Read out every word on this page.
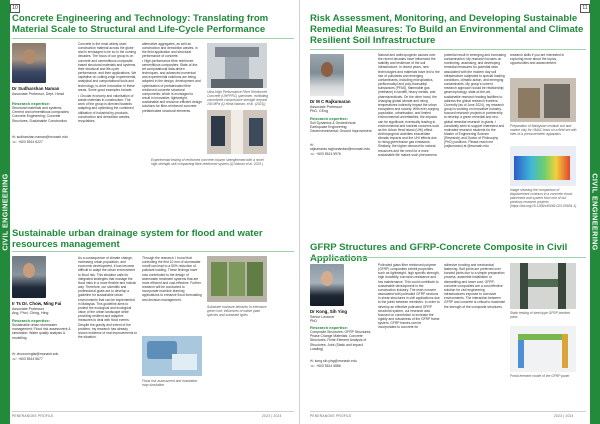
10
CIVIL ENGINEERING
Concrete Engineering and Technology: Translating from Material Scale to Structural and Life-Cycle Performance
Dr Sudharshan Naman
Associate Professor, Dept. Head
Research expertise:
Structural materials and systems; Cement and cementitious composites; Concrete Engineering; Concrete Structures; Sustainable Construction
✉: sudharshan.naman@monash.edu
☏: +603 5514 6227
Concrete is the most widely used construction material across the globe and is envisaged to be so in the coming decades. The focus of our group is on concrete and cementitious composite-based structural materials and systems, their structural and life-cycle performance, and their applications. We capitalise on cutting-edge experimental, analytical and computational tools and technology, to drive innovation in these areas. Some good examples include:
• Circular economy and valorisation of waste materials in construction: The work of the group is directed towards adapting and optimising the combined utilisation of industrial by-products, construction and demolition wastes, recyclables,
alternative aggregates, as well as construction and demolition wastes, in the field application and structural performance of concrete.
• High-performance fibre reinforced cementitious composites: State-of-the-art computational data-driven techniques, and advanced numerical and experimental solutions are being adopted in the design, development and optimisation of prefabricated fibre reinforced concrete structural components, which is envisaged to result in innovative, lightweight, sustainable and resource-efficient design solutions for fibre-reinforced concrete prefabricated structural elements.
Ultra-High Performance Fibre Reinforced Concrete (UHPFRC) specimen, exhibiting unconfined compressive strength beyond 150 MPa (Q.Hima Naman, et al. (2021))
Experimental testing of reinforced concrete column strengthened with a novel high-strength self-compacting fibre-reinforced system (Q.Naman et al. 2023 )
Sustainable urban drainage system for flood and water resources management
Ir Ts Dr. Chow, Ming Fai
Associate Professor
Ang, Phoi, Ching, Hing
Research expertise:
Sustainable urban stormwater management; Flood risk assessment & simulation; Water quality analysis & modelling
✉: chow.mingfai@monash.edu
☏: +603 5514 5677
As a consequence of climate change, increasing urban population, and economic development, it has become difficult to adapt the urban environment to flood risk. This situation calls for integrated strategies that manage the flood risks in a more flexible and holistic way. Therefore, our scientific and professional goals are to develop a guideline for sustainable urban environments that can be implemented in Malaysia. This guideline aims to protect the ecological and ecological value of the urban landscape while providing resilient and adaptive measures to deal with flood events. Despite the gravity and extent of the problem, my research has already shown evidence of real improvements to the situation.
Through the research, I found that controlling the first 10 mm of stormwater runoff can lead to a 50% reduction of pollutant loading. These findings have now contributed to the design of stormwater treatment systems that are more efficient and cost-effective. Further research will be conducted to incorporate machine learning applications to enhance flood forecasting and decision management.
Flood risk assessment and inundation map simulation
Substrate moisture behavior in extensive green roof: influences of native plant species and substrate types
PENERANGKE PROFILE	2023 | 2024
11
CIVIL ENGINEERING
Risk Assessment, Monitoring, and Developing Sustainable Remedial Measures: To Build an Environmental and Climate Resilient Soil Infrastructure
Dr M C Rajkumaran
Associate Professor
PhD, CEng
Research expertise:
Soil Dynamics & Geotechnical Earthquake Engineering; Geoenvironmental; Ground Improvement
✉: rajkumaran.raghunandan@monash.edu
☏: +603 5514 5976
Natural and anthropogenic causes over the recent decades have influenced the stability and resilience of the soil infrastructure. In recent years, new technologies and materials have led to the rise of pollutants and emerging contaminants, including microplastics, perfluoroalkyl and poly-fluoroalkyl substances (PFAS), flammable gas (methane) in landfill, heavy metals, and pharmaceuticals. On the other hand, the changing global climate and rising temperatures indirectly impact the urban ecosystem and society. With ever-surging population, urbanisation, and limited environmental uncertainties, the impacts can be significant, eventually leading to environmental and societal concerns such as the Urban Heat Island (UHI) effect. Anthropogenic activities exacerbate climatic impacts and the UHI effects due to rising greenhouse gas emissions. Similarly, the higher demand for natural resources and the need for a more sustainable life makes such phenomena
potential result in emerging and increasing contamination. My research focuses on monitoring, assessing, and developing remedial measures for potential risks associated with the modern day soil infrastructure subjected to special loading conditions, climatic action, and emerging contaminants. My group's current research approach would be relationship; geomorphology, state-of-the-art, sustainable research leading facilities to address the global research frontiers. Currently (as of June 2024), my research group is working on innovative Industry-focused research projects in partnership to develop a green remedial and neo-global remedial research in giants. I constantly seek to support interested and motivated research students for the Master of Engineering Science (Research) and Doctor of Philosophy (PhD) positions. Please reach me (rajkumaran) at @monash.edu
research skills if you are interested in exploring more about the topics, opportunities and advancement.
Preparation of Malaysian residual soil and marine clay for UMAC tests on a field set with inter-of-a pressuremeter apparatus
Image showing the comparison of displacement contours in a concrete cloud-placement and system from one of our previous research projects (https://doi.org/10.1186/s40069-023-00654-1)
GFRP Structures and GFRP-Concrete Composite in Civil Applications
Dr Kong, Sih Ying
Senior Lecturer
PhD
Research expertise:
Composite Structures; GFRP Structures; Phase Change Materials; Concrete Structures; Finite Element Analysis of Structures; Joint (Static and Impact Loading)
✉: kong.sih.ying@monash.edu
☏: +603 5514 5886
Pultruded glass fiber reinforced polymer (GFRP) composites exhibit properties such as lightweight, high specific strength, high durability, corrosion-resistance and low maintenance. This could contribute to sustainable development in the construction industry. The main concern associated with pultruded GFRP sections in shear structures in civil applications due to the joints between members. In order to develop an effective pultruded GFRP structural system, our research was focused on connection to increase the rigidity and robustness of the GFRP frame system. GFRP frames can be incorporated to concrete for
adhesive bonding and mechanical fastening. Bolt joints are preferred over bonded joints due to a simple preparation process, assemble installation or dismantling and lower cost. GFRP-concrete composites are a cost effective solution for civil engineering infrastructures exposed to corrosive environments. The interaction between GFRP and concrete is critical to maximise the strength of the composite structures.
Static testing of steel-type GFRP bonded joints
Portal element model of the GFRP panel
PENERANGKE PROFILE	2023 | 2024
